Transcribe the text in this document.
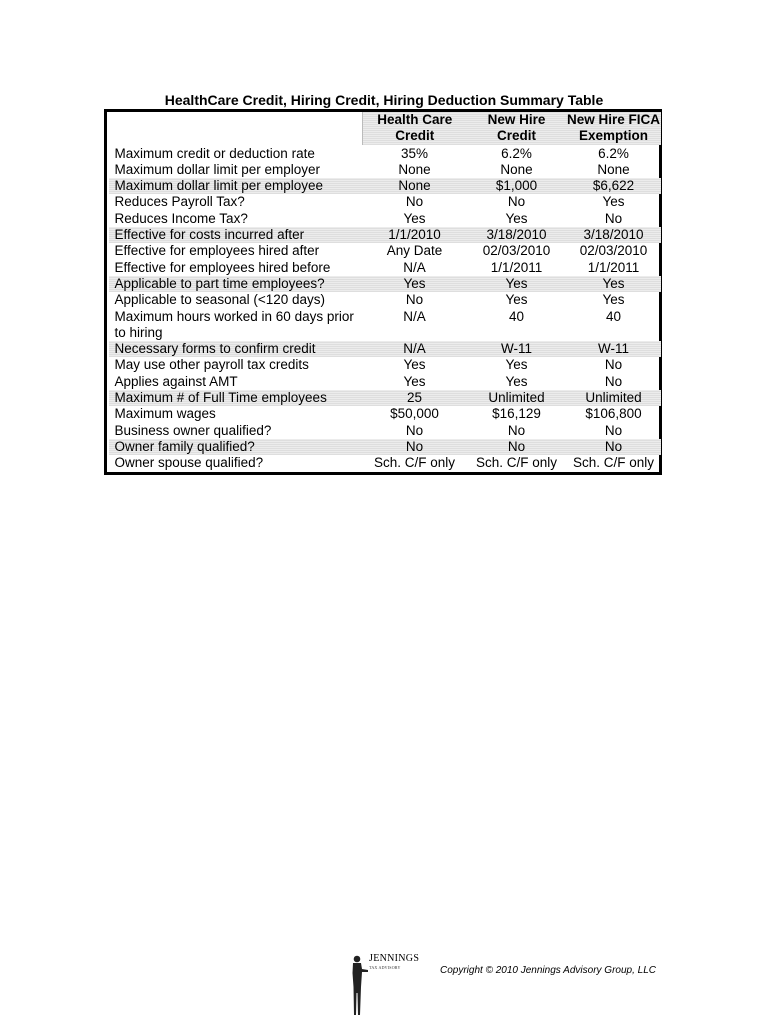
HealthCare Credit, Hiring Credit, Hiring Deduction Summary Table
	Health Care Credit	New Hire Credit	New Hire FICA Exemption
Maximum credit or deduction rate	35%	6.2%	6.2%
Maximum dollar limit per employer	None	None	None
Maximum dollar limit per employee	None	$1,000	$6,622
Reduces Payroll Tax?	No	No	Yes
Reduces Income Tax?	Yes	Yes	No
Effective for costs incurred after	1/1/2010	3/18/2010	3/18/2010
Effective for employees hired after	Any Date	02/03/2010	02/03/2010
Effective for employees hired before	N/A	1/1/2011	1/1/2011
Applicable to part time employees?	Yes	Yes	Yes
Applicable to seasonal (<120 days)	No	Yes	Yes
Maximum hours worked in 60 days prior to hiring	N/A	40	40
Necessary forms to confirm credit	N/A	W-11	W-11
May use other payroll tax credits	Yes	Yes	No
Applies against AMT	Yes	Yes	No
Maximum # of Full Time employees	25	Unlimited	Unlimited
Maximum wages	$50,000	$16,129	$106,800
Business owner qualified?	No	No	No
Owner family qualified?	No	No	No
Owner spouse qualified?	Sch. C/F only	Sch. C/F only	Sch. C/F only
JENNINGS
TAX ADVISORY	Copyright © 2010 Jennings Advisory Group, LLC
